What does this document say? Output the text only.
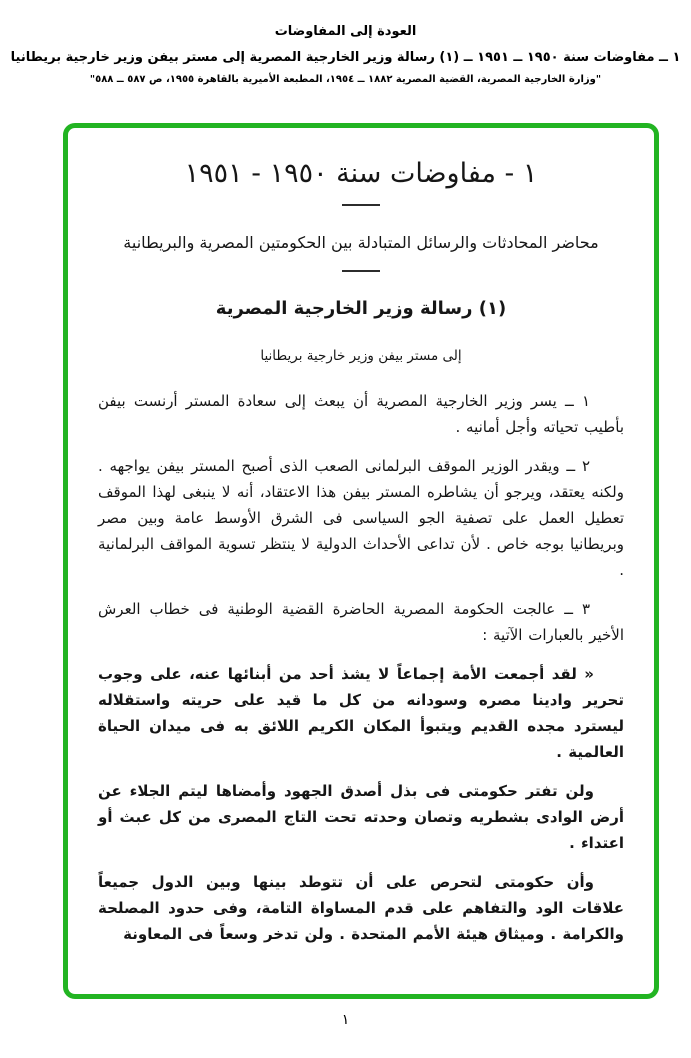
العودة إلى المفاوضات
١ ــ مفاوضات سنة ١٩٥٠ ــ ١٩٥١ ــ (١) رسالة وزير الخارجية المصرية إلى مستر بيفن وزير خارجية بريطانيا
"وزارة الخارجية المصرية، القضية المصرية ١٨٨٢ ــ ١٩٥٤، المطبعة الأميرية بالقاهرة ١٩٥٥، ص ٥٨٧ ــ ٥٨٨"
١ - مفاوضات سنة ١٩٥٠ - ١٩٥١
محاضر المحادثات والرسائل المتبادلة بين الحكومتين المصرية والبريطانية
(١) رسالة وزير الخارجية المصرية
إلى مستر بيفن وزير خارجية بريطانيا

١ ــ يسر وزير الخارجية المصرية أن يبعث إلى سعادة المستر أرنست بيفن بأطيب تحياته وأجل أمانيه .

٢ ــ ويقدر الوزير الموقف البرلمانى الصعب الذى أصبح المستر بيفن يواجهه . ولكنه يعتقد، ويرجو أن يشاطره المستر بيفن هذا الاعتقاد، أنه لا ينبغى لهذا الموقف تعطيل العمل على تصفية الجو السياسى فى الشرق الأوسط عامة وبين مصر وبريطانيا بوجه خاص . لأن تداعى الأحداث الدولية لا ينتظر تسوية المواقف البرلمانية .

٣ ــ عالجت الحكومة المصرية الحاضرة القضية الوطنية فى خطاب العرش الأخير بالعبارات الآتية :

« لقد أجمعت الأمة إجماعاً لا يشذ أحد من أبنائها عنه، على وجوب تحرير وادينا مصره وسودانه من كل ما قيد على حريته واستقلاله ليسترد مجده القديم ويتبوأ المكان الكريم اللائق به فى ميدان الحياة العالمية .

ولن تفتر حكومتى فى بذل أصدق الجهود وأمضاها ليتم الجلاء عن أرض الوادى بشطريه وتصان وحدته تحت التاج المصرى من كل عبث أو اعتداء .

وأن حكومتى لتحرص على أن تتوطد بينها وبين الدول جميعاً علاقات الود والتفاهم على قدم المساواة التامة، وفى حدود المصلحة والكرامة . وميثاق هيئة الأمم المتحدة . ولن تدخر وسعاً فى المعاونة

١
